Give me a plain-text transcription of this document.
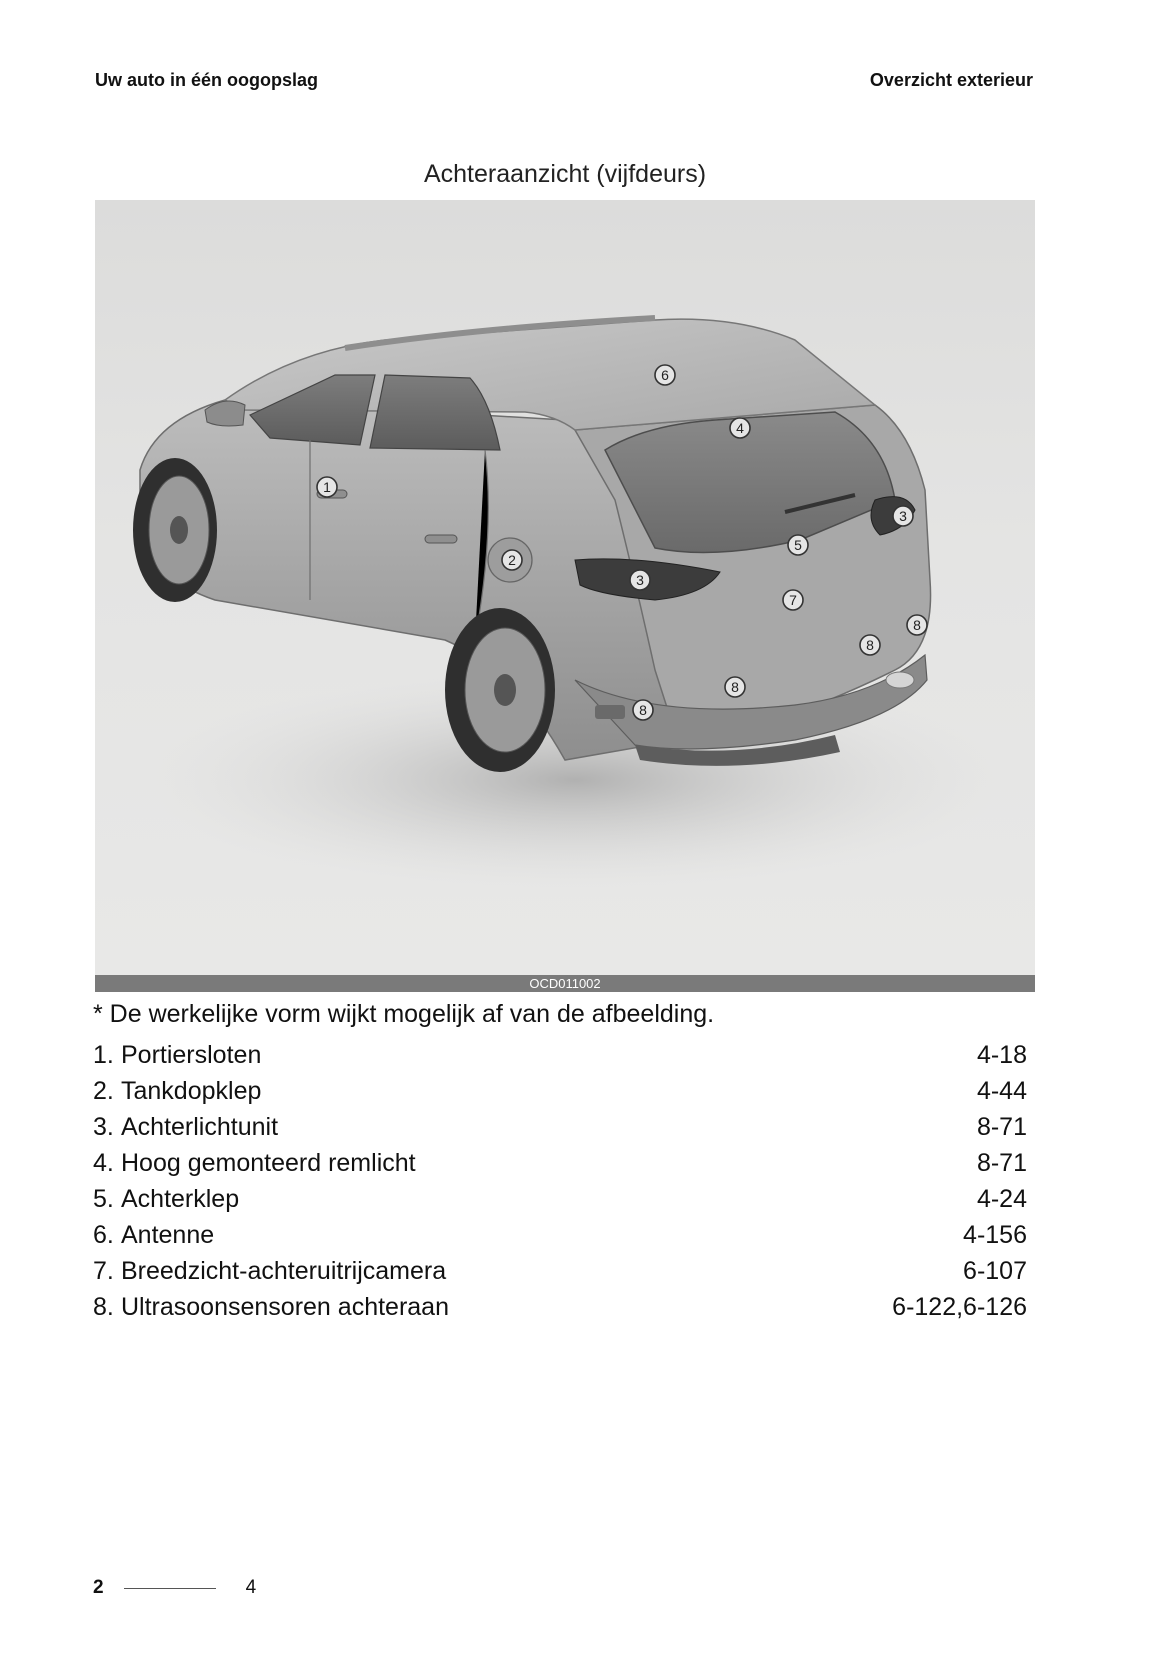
Uw auto in één oogopslag	Overzicht exterieur
Achteraanzicht (vijfdeurs)
1
2
3
3
4
5
6
7
8
8
8
8
OCD011002
* De werkelijke vorm wijkt mogelijk af van de afbeelding.
1. Portiersloten	4-18
2. Tankdopklep	4-44
3. Achterlichtunit	8-71
4. Hoog gemonteerd remlicht	8-71
5. Achterklep	4-24
6. Antenne	4-156
7. Breedzicht-achteruitrijcamera	6-107
8. Ultrasoonsensoren achteraan	6-122,6-126
2	4
